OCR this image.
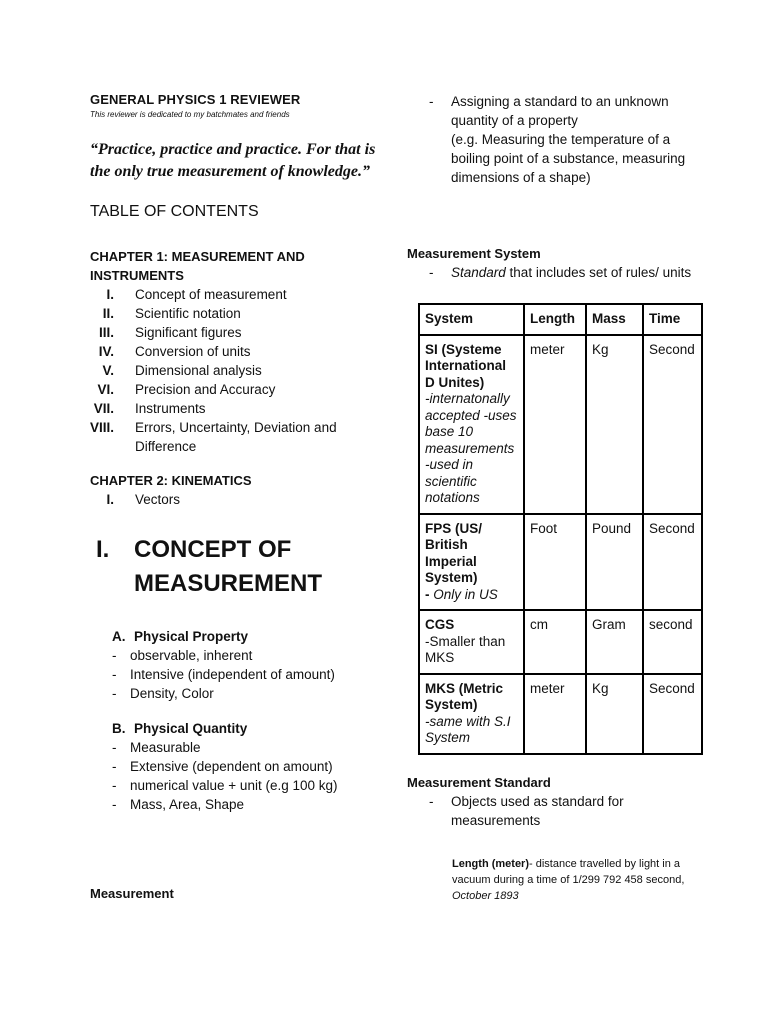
GENERAL PHYSICS 1 REVIEWER

This reviewer is dedicated to my batchmates and friends

“Practice, practice and practice. For that is the only true measurement of knowledge.”

TABLE OF CONTENTS

CHAPTER 1: MEASUREMENT AND INSTRUMENTS

I. Concept of measurement
II. Scientific notation
III. Significant figures
IV. Conversion of units
V. Dimensional analysis
VI. Precision and Accuracy
VII. Instruments
VIII. Errors, Uncertainty, Deviation and Difference

CHAPTER 2: KINEMATICS

I. Vectors
I.	CONCEPT OF MEASUREMENT
A. Physical Property
-	observable, inherent
-	Intensive (independent of amount)
-	Density, Color
B. Physical Quantity
-	Measurable
-	Extensive (dependent on amount)
-	numerical value + unit (e.g 100 kg)
-	Mass, Area, Shape
Measurement
-	Assigning a standard to an unknown quantity of a property
(e.g. Measuring the temperature of a boiling point of a substance, measuring dimensions of a shape)

Measurement System

-	Standard that includes set of rules/ units
System	Length	Mass	Time

SI (Systeme International D Unites)
-internatonally accepted -uses base 10 measurements -used in scientific notations	meter	Kg	Second

FPS (US/ British Imperial System)
- Only in US	Foot	Pound	Second

CGS
-Smaller than MKS	cm	Gram	second

MKS (Metric System)
-same with S.I System	meter	Kg	Second

Measurement Standard

-	Objects used as standard for measurements

Length (meter)- distance travelled by light in a vacuum during a time of 1/299 792 458 second, October 1893
